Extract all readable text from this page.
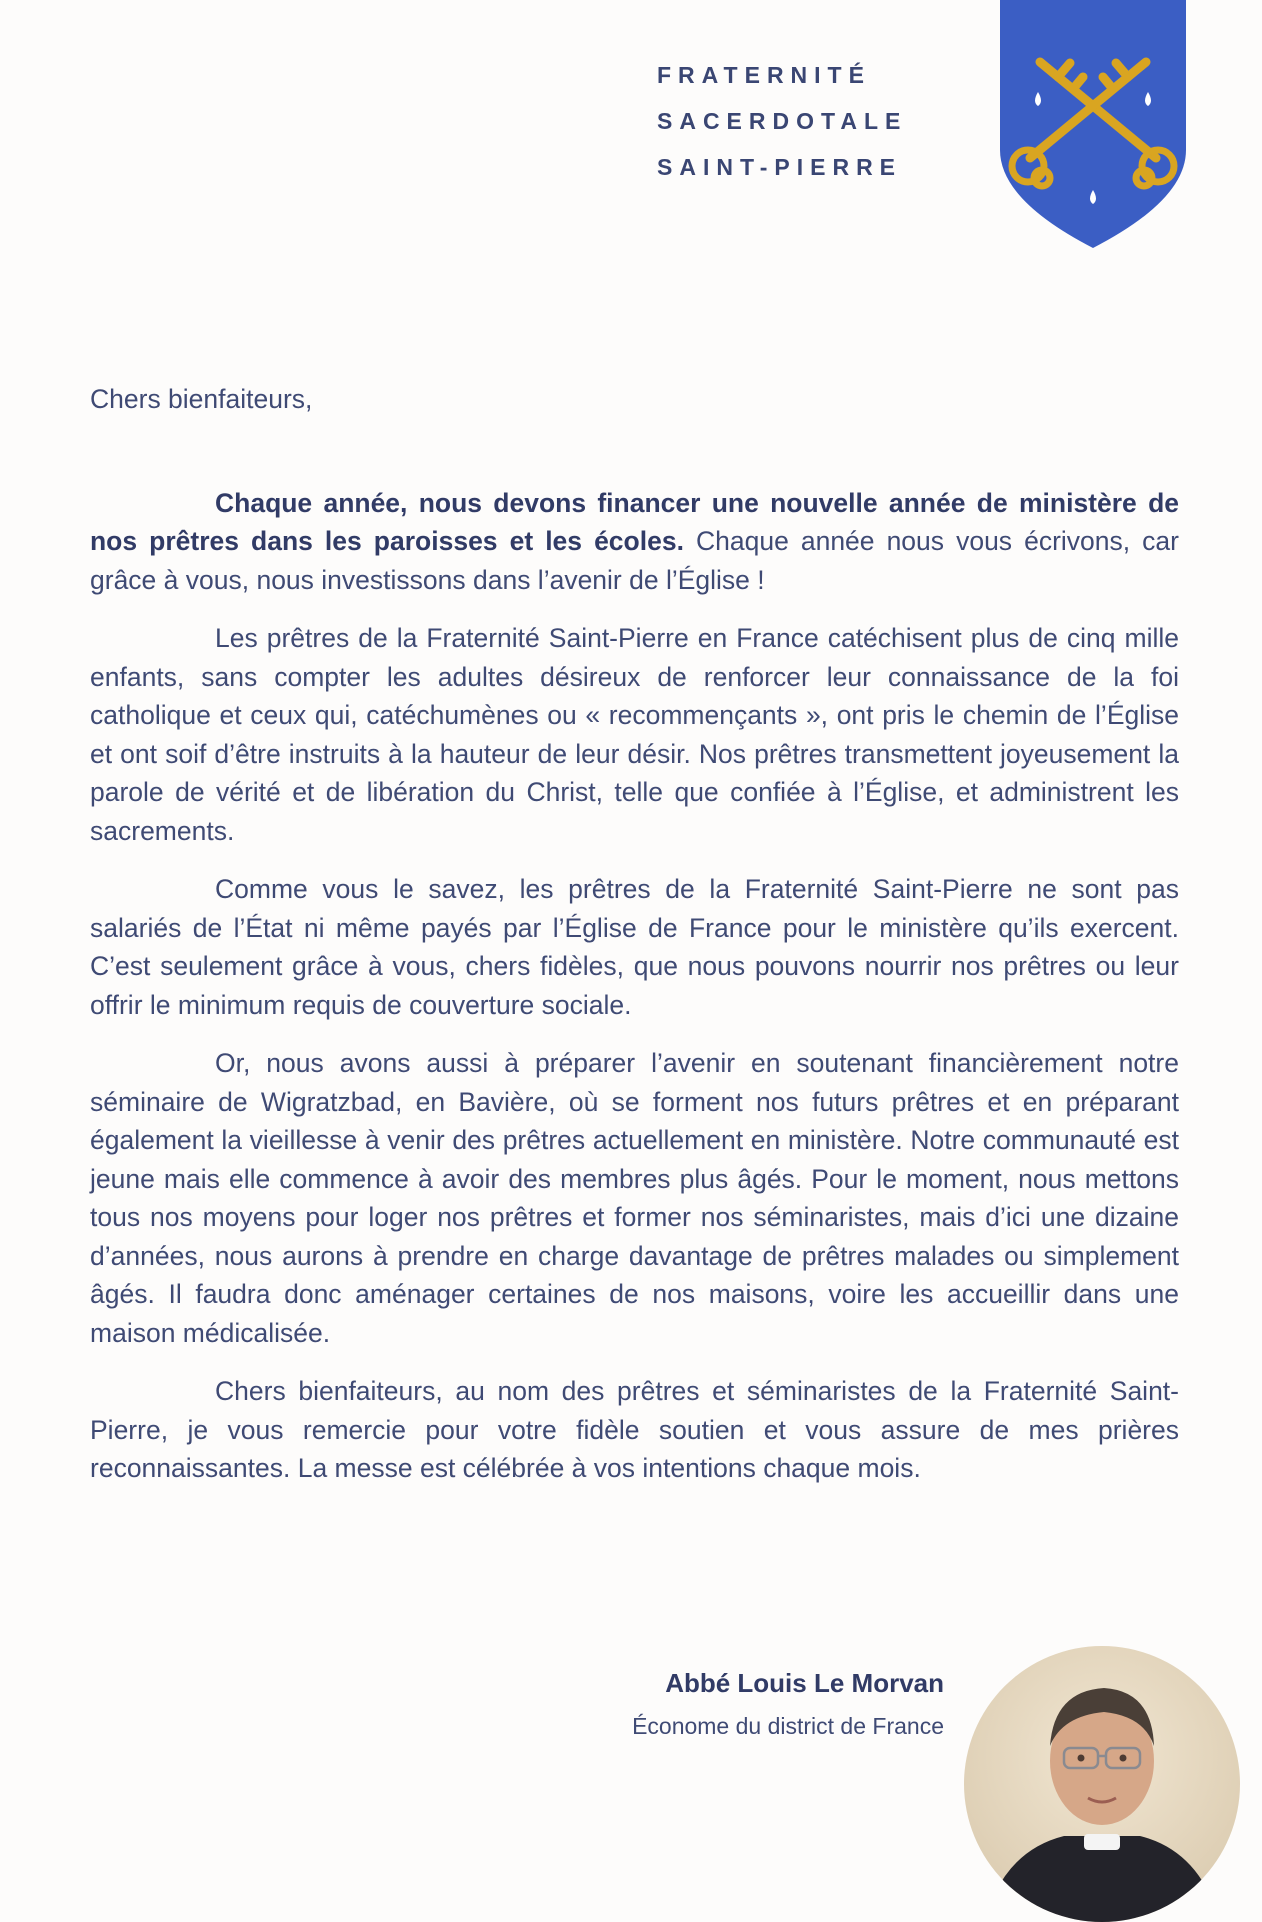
FRATERNITÉ
SACERDOTALE
SAINT-PIERRE

Chers bienfaiteurs,

Chaque année, nous devons financer une nouvelle année de ministère de nos prêtres dans les paroisses et les écoles. Chaque année nous vous écrivons, car grâce à vous, nous investissons dans l’avenir de l’Église !

Les prêtres de la Fraternité Saint-Pierre en France catéchisent plus de cinq mille enfants, sans compter les adultes désireux de renforcer leur connaissance de la foi catholique et ceux qui, catéchumènes ou « recommençants », ont pris le chemin de l’Église et ont soif d’être instruits à la hauteur de leur désir. Nos prêtres transmettent joyeusement la parole de vérité et de libération du Christ, telle que confiée à l’Église, et administrent les sacrements.

Comme vous le savez, les prêtres de la Fraternité Saint-Pierre ne sont pas salariés de l’État ni même payés par l’Église de France pour le ministère qu’ils exercent. C’est seulement grâce à vous, chers fidèles, que nous pouvons nourrir nos prêtres ou leur offrir le minimum requis de couverture sociale.

Or, nous avons aussi à préparer l’avenir en soutenant financièrement notre séminaire de Wigratzbad, en Bavière, où se forment nos futurs prêtres et en préparant également la vieillesse à venir des prêtres actuellement en ministère. Notre communauté est jeune mais elle commence à avoir des membres plus âgés. Pour le moment, nous mettons tous nos moyens pour loger nos prêtres et former nos séminaristes, mais d’ici une dizaine d’années, nous aurons à prendre en charge davantage de prêtres malades ou simplement âgés. Il faudra donc aménager certaines de nos maisons, voire les accueillir dans une maison médicalisée.

Chers bienfaiteurs, au nom des prêtres et séminaristes de la Fraternité Saint-Pierre, je vous remercie pour votre fidèle soutien et vous assure de mes prières reconnaissantes. La messe est célébrée à vos intentions chaque mois.

Abbé Louis Le Morvan
Économe du district de France
